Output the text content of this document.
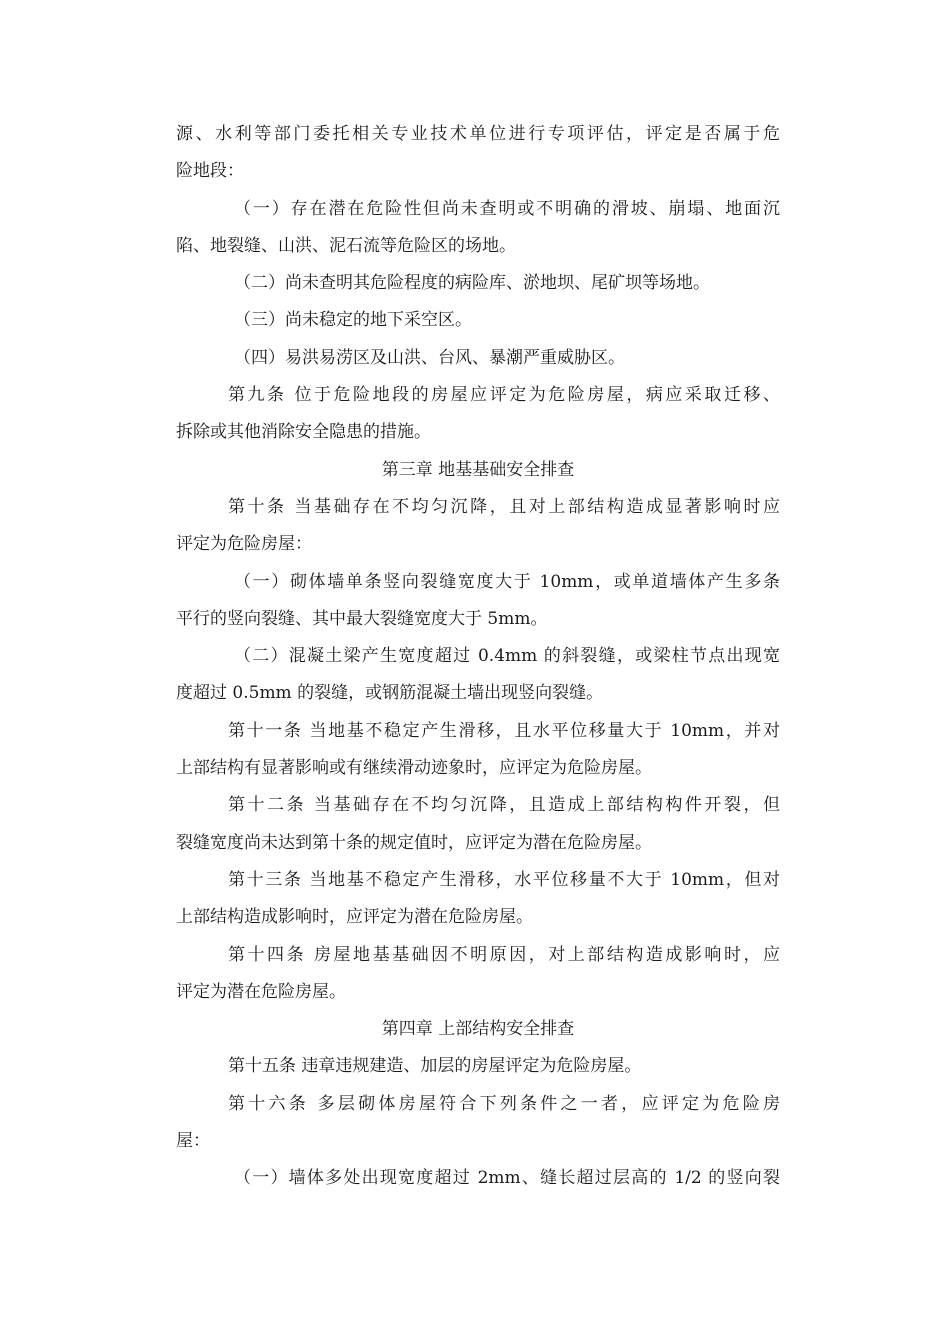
源、水利等部门委托相关专业技术单位进行专项评估，评定是否属于危
险地段：
（一）存在潜在危险性但尚未查明或不明确的滑坡、崩塌、地面沉
陷、地裂缝、山洪、泥石流等危险区的场地。
（二）尚未查明其危险程度的病险库、淤地坝、尾矿坝等场地。
（三）尚未稳定的地下采空区。
（四）易洪易涝区及山洪、台风、暴潮严重威胁区。
第九条 位于危险地段的房屋应评定为危险房屋，病应采取迁移、
拆除或其他消除安全隐患的措施。
第三章 地基基础安全排查
第十条 当基础存在不均匀沉降，且对上部结构造成显著影响时应
评定为危险房屋：
（一）砌体墙单条竖向裂缝宽度大于 10mm，或单道墙体产生多条
平行的竖向裂缝、其中最大裂缝宽度大于 5mm。
（二）混凝土梁产生宽度超过 0.4mm 的斜裂缝，或梁柱节点出现宽
度超过 0.5mm 的裂缝，或钢筋混凝土墙出现竖向裂缝。
第十一条 当地基不稳定产生滑移，且水平位移量大于 10mm，并对
上部结构有显著影响或有继续滑动迹象时，应评定为危险房屋。
第十二条 当基础存在不均匀沉降，且造成上部结构构件开裂，但
裂缝宽度尚未达到第十条的规定值时，应评定为潜在危险房屋。
第十三条 当地基不稳定产生滑移，水平位移量不大于 10mm，但对
上部结构造成影响时，应评定为潜在危险房屋。
第十四条 房屋地基基础因不明原因，对上部结构造成影响时，应
评定为潜在危险房屋。
第四章 上部结构安全排查
第十五条 违章违规建造、加层的房屋评定为危险房屋。
第十六条 多层砌体房屋符合下列条件之一者，应评定为危险房
屋：
（一）墙体多处出现宽度超过 2mm、缝长超过层高的 1/2 的竖向裂
